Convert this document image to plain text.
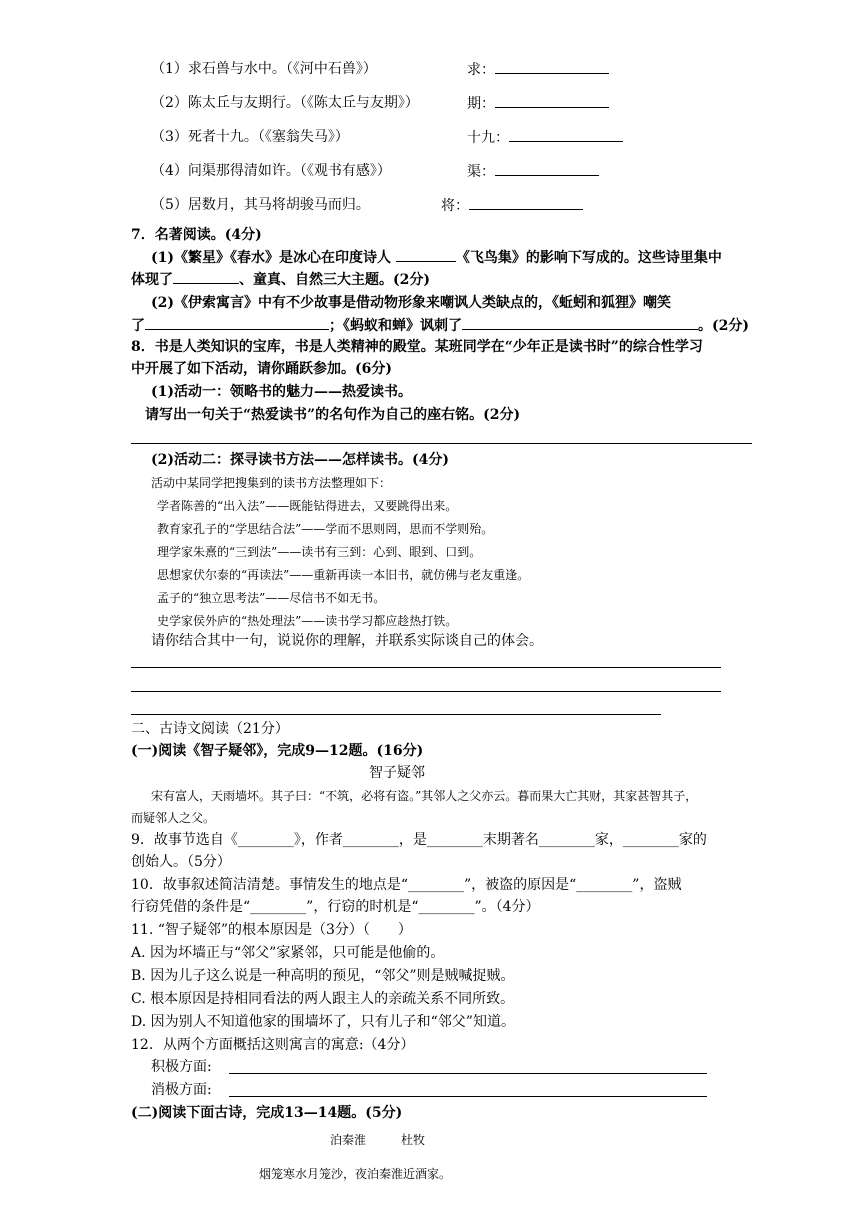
（1）求石兽与水中。（《河中石兽》）	求：
（2）陈太丘与友期行。（《陈太丘与友期》）	期：
（3）死者十九。（《塞翁失马》）	十九：
（4）问渠那得清如许。（《观书有感》）	渠：
（5）居数月，其马将胡骏马而归。	将：
7．名著阅读。(4分)
(1)《繁星》《春水》是冰心在印度诗人	《飞鸟集》的影响下写成的。这些诗里集中
体现了	、童真、自然三大主题。(2分)
(2)《伊索寓言》中有不少故事是借动物形象来嘲讽人类缺点的，《蚯蚓和狐狸》嘲笑
了	；《蚂蚁和蝉》讽刺了	。(2分)
8．书是人类知识的宝库，书是人类精神的殿堂。某班同学在“少年正是读书时”的综合性学习
中开展了如下活动，请你踊跃参加。(6分)
(1)活动一：领略书的魅力——热爱读书。
请写出一句关于“热爱读书”的名句作为自己的座右铭。(2分)
(2)活动二：探寻读书方法——怎样读书。(4分)
活动中某同学把搜集到的读书方法整理如下：
学者陈善的“出入法”——既能钻得进去，又要跳得出来。
教育家孔子的“学思结合法”——学而不思则罔，思而不学则殆。
理学家朱熹的“三到法”——读书有三到：心到、眼到、口到。
思想家伏尔泰的“再读法”——重新再读一本旧书，就仿佛与老友重逢。
孟子的“独立思考法”——尽信书不如无书。
史学家侯外庐的“热处理法”——读书学习都应趁热打铁。
请你结合其中一句，说说你的理解，并联系实际谈自己的体会。
二、古诗文阅读（21分）
(一)阅读《智子疑邻》，完成9—12题。(16分)
智子疑邻
宋有富人，天雨墙坏。其子曰：“不筑，必将有盗。”其邻人之父亦云。暮而果大亡其财，其家甚智其子，
而疑邻人之父。
9．故事节选自《________》，作者________，是________末期著名________家，________家的
创始人。（5分）
10．故事叙述简洁清楚。事情发生的地点是“________”，被盗的原因是“________”，盗贼
行窃凭借的条件是“________”，行窃的时机是“________”。（4分）
11. “智子疑邻”的根本原因是（3分）（　　）
A. 因为坏墙正与“邻父”家紧邻，只可能是他偷的。
B. 因为儿子这么说是一种高明的预见，“邻父”则是贼喊捉贼。
C. 根本原因是持相同看法的两人跟主人的亲疏关系不同所致。
D. 因为别人不知道他家的围墙坏了，只有儿子和“邻父”知道。
12．从两个方面概括这则寓言的寓意:（4分）
积极方面:
消极方面:
(二)阅读下面古诗，完成13—14题。(5分)
泊秦淮	杜牧
烟笼寒水月笼沙，夜泊秦淮近酒家。
